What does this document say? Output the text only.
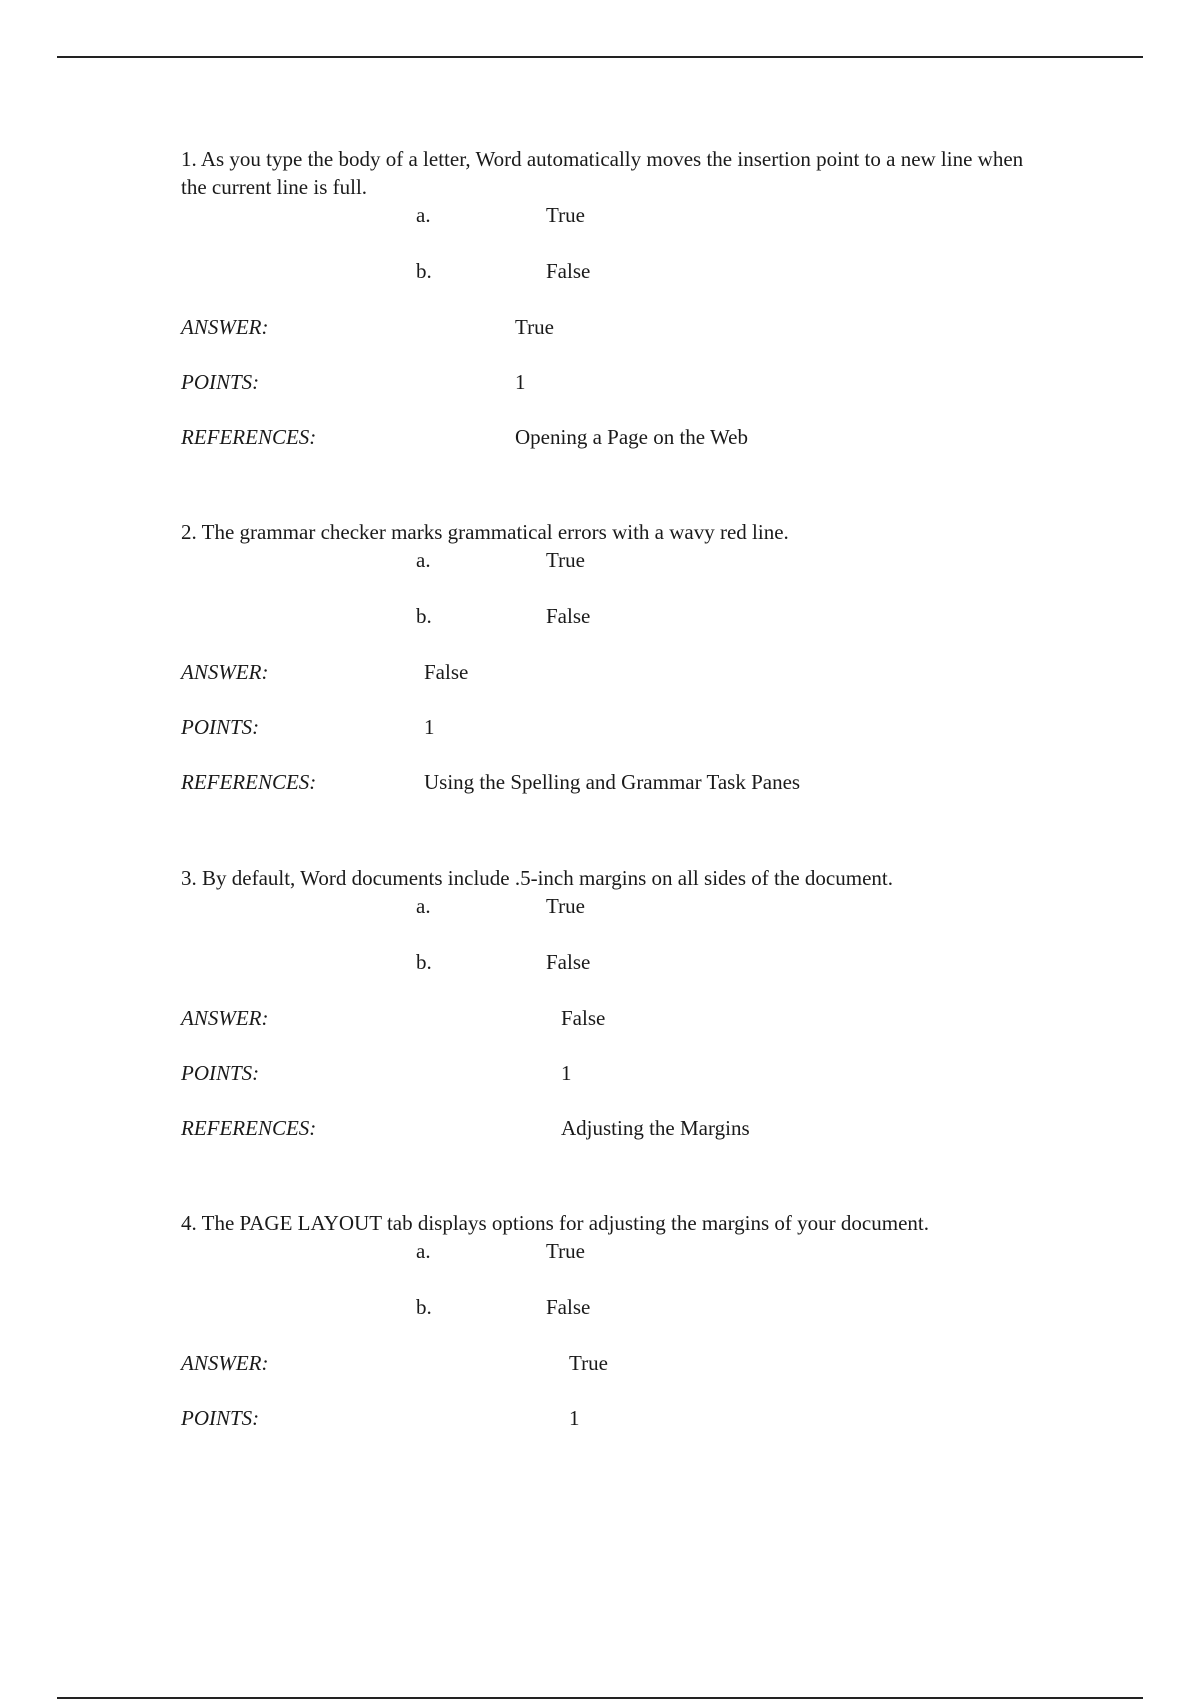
1. As you type the body of a letter, Word automatically moves the insertion point to a new line when the current line is full.

a.	True
b.	False
ANSWER:	True
POINTS:	1
REFERENCES:	Opening a Page on the Web

2. The grammar checker marks grammatical errors with a wavy red line.

a.	True
b.	False
ANSWER:	False
POINTS:	1
REFERENCES:	Using the Spelling and Grammar Task Panes

3. By default, Word documents include .5-inch margins on all sides of the document.

a.	True
b.	False
ANSWER:	False
POINTS:	1
REFERENCES:	Adjusting the Margins

4. The PAGE LAYOUT tab displays options for adjusting the margins of your document.

a.	True
b.	False
ANSWER:	True
POINTS:	1
